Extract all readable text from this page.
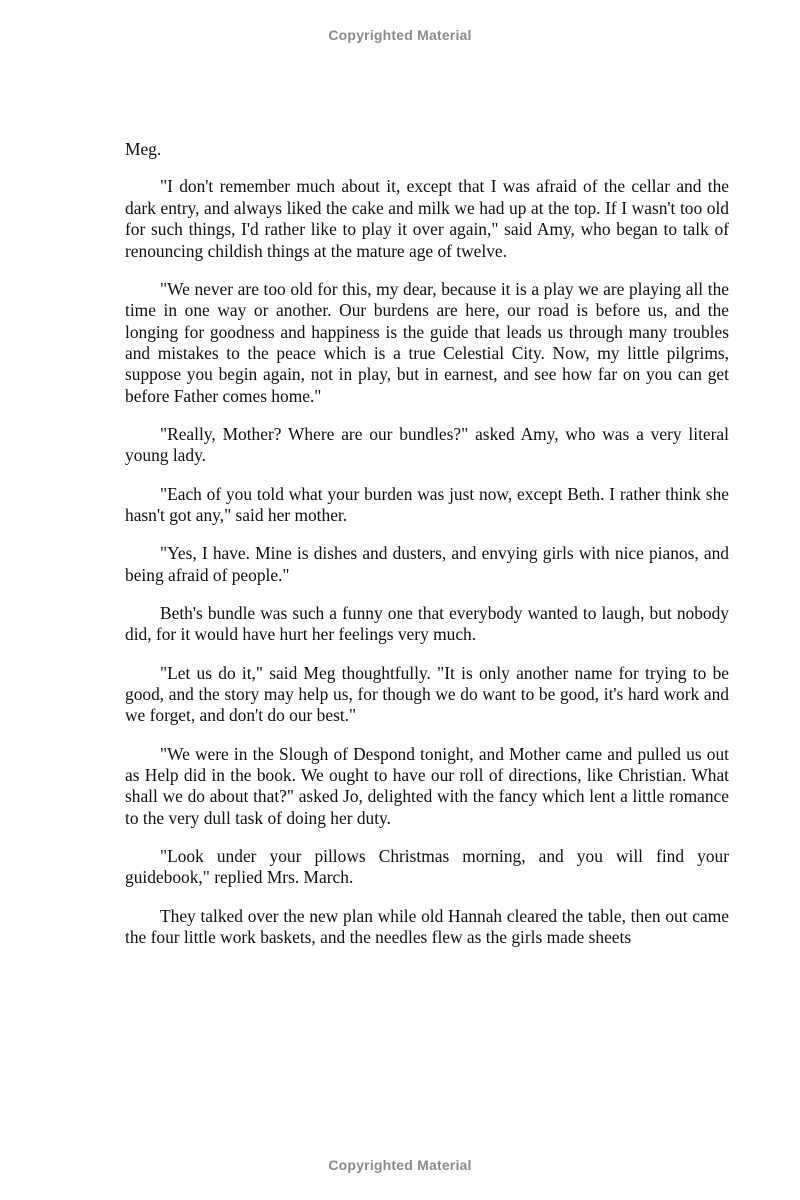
Copyrighted Material

Meg.

"I don't remember much about it, except that I was afraid of the cellar and the dark entry, and always liked the cake and milk we had up at the top. If I wasn't too old for such things, I'd rather like to play it over again," said Amy, who began to talk of renouncing childish things at the mature age of twelve.

"We never are too old for this, my dear, because it is a play we are playing all the time in one way or another. Our burdens are here, our road is before us, and the longing for goodness and happiness is the guide that leads us through many troubles and mistakes to the peace which is a true Celestial City. Now, my little pilgrims, suppose you begin again, not in play, but in earnest, and see how far on you can get before Father comes home."

"Really, Mother? Where are our bundles?" asked Amy, who was a very literal young lady.

"Each of you told what your burden was just now, except Beth. I rather think she hasn't got any," said her mother.

"Yes, I have. Mine is dishes and dusters, and envying girls with nice pianos, and being afraid of people."

Beth's bundle was such a funny one that everybody wanted to laugh, but nobody did, for it would have hurt her feelings very much.

"Let us do it," said Meg thoughtfully. "It is only another name for trying to be good, and the story may help us, for though we do want to be good, it's hard work and we forget, and don't do our best."

"We were in the Slough of Despond tonight, and Mother came and pulled us out as Help did in the book. We ought to have our roll of directions, like Christian. What shall we do about that?" asked Jo, delighted with the fancy which lent a little romance to the very dull task of doing her duty.

"Look under your pillows Christmas morning, and you will find your guidebook," replied Mrs. March.

They talked over the new plan while old Hannah cleared the table, then out came the four little work baskets, and the needles flew as the girls made sheets

Copyrighted Material
